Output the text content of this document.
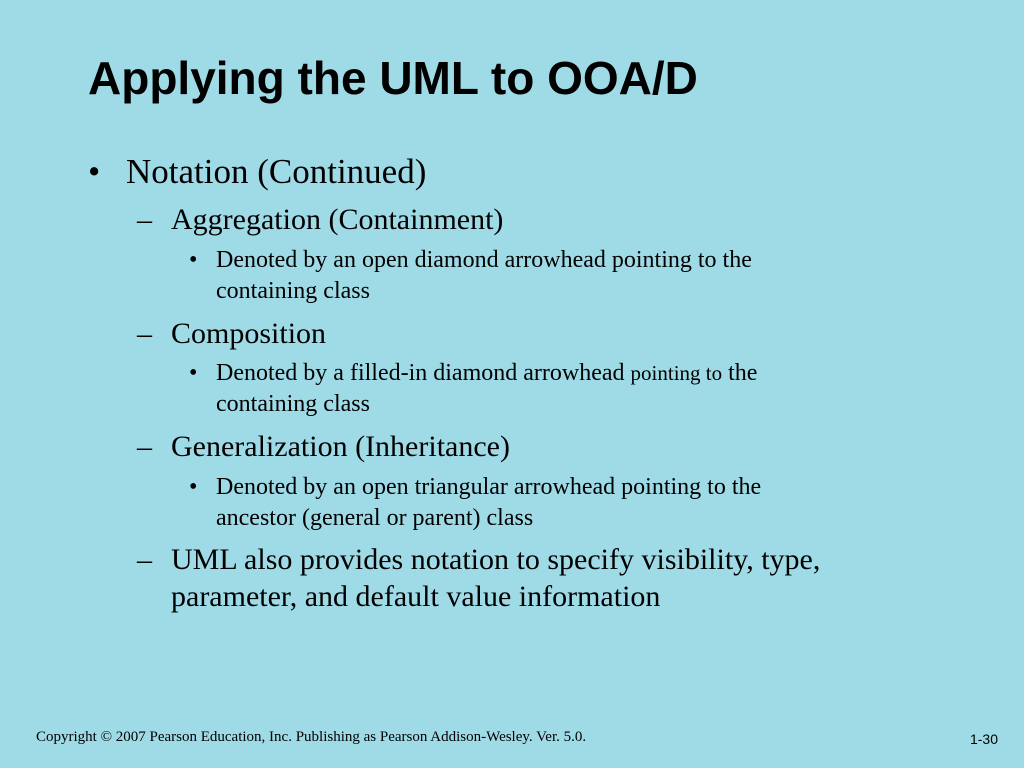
Applying the UML to OOA/D
• Notation (Continued)
– Aggregation (Containment)
• Denoted by an open diamond arrowhead pointing to the
containing class
– Composition
• Denoted by a filled-in diamond arrowhead pointing to the
containing class
– Generalization (Inheritance)
• Denoted by an open triangular arrowhead pointing to the
ancestor (general or parent) class
– UML also provides notation to specify visibility, type,
parameter, and default value information
Copyright © 2007 Pearson Education, Inc. Publishing as Pearson Addison-Wesley. Ver. 5.0.	1-30
